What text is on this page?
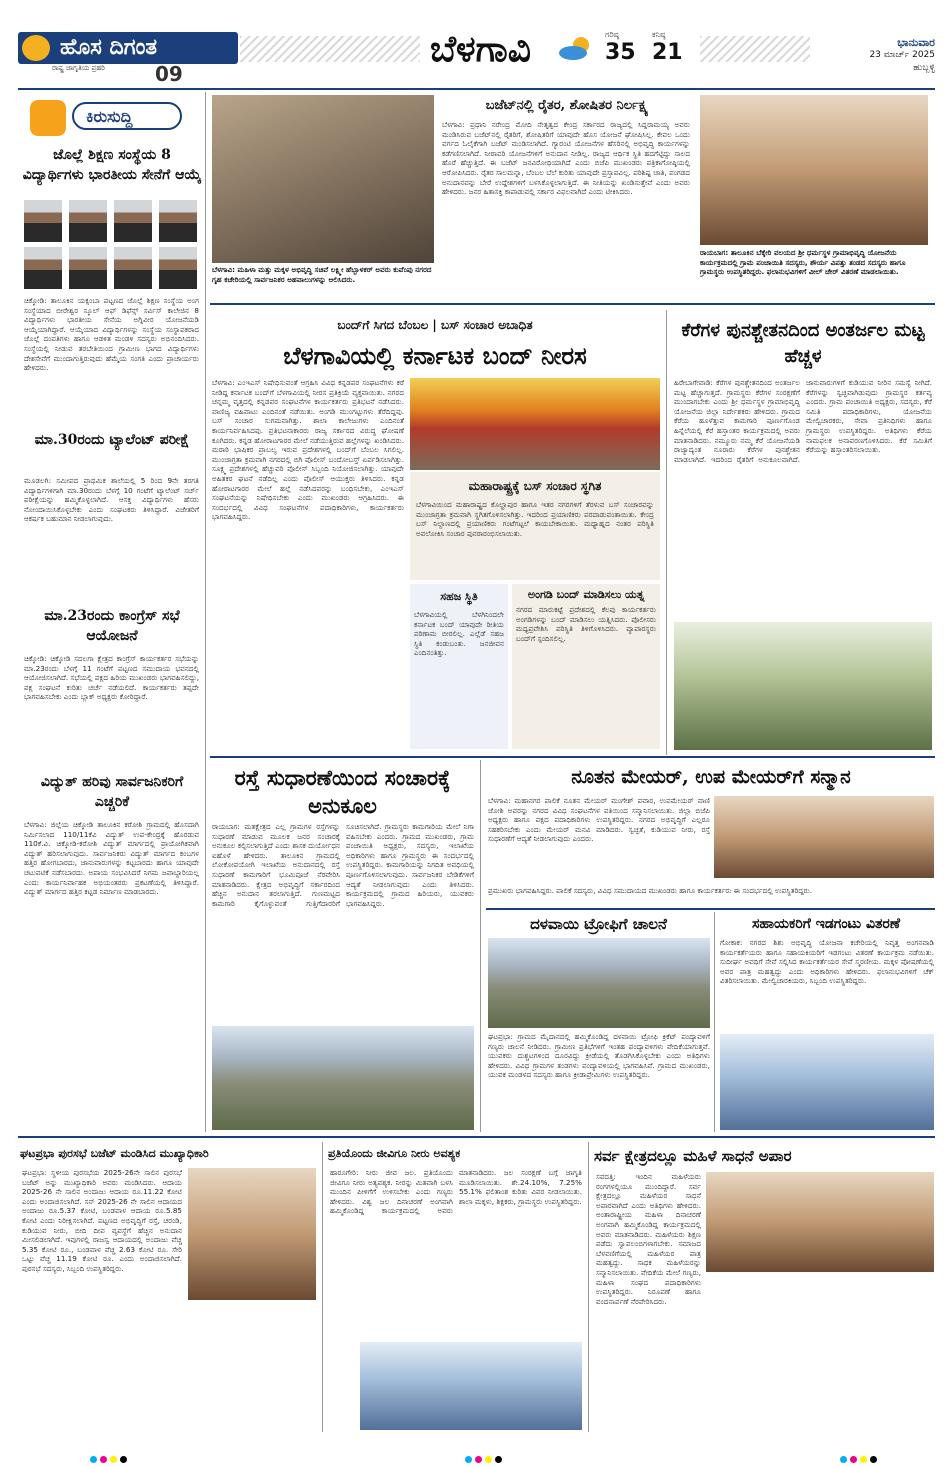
ಹೊಸ ದಿಗಂತ
ರಾಷ್ಟ್ರ ಜಾಗೃತಿಯ ಪ್ರಹರಿ	09
ಬೆಳಗಾವಿ	ಗರಿಷ್ಠ
35
ಕನಿಷ್ಠ
21	ಭಾನುವಾರ
23 ಮಾರ್ಚ್ 2025
ಹುಬ್ಬಳ್ಳಿ
ಕಿರುಸುದ್ದಿ
ಜೊಲ್ಲೆ ಶಿಕ್ಷಣ ಸಂಸ್ಥೆಯ 8 ವಿದ್ಯಾರ್ಥಿಗಳು ಭಾರತೀಯ ಸೇನೆಗೆ ಆಯ್ಕೆ
ಚಿಕ್ಕೋಡಿ: ತಾಲೂಕಿನ ಯಕ್ಸಂಬಾ ಪಟ್ಟಣದ ಜೊಲ್ಲೆ ಶಿಕ್ಷಣ ಸಂಸ್ಥೆಯ ಅಂಗ ಸಂಸ್ಥೆಯಾದ ಬೀರೇಶ್ವರ ಸ್ಕೂಲ್ ಆಫ್ ಡಿಫೆನ್ಸ್ ಸರ್ವಿಸ್ ಕಾಲೇಜಿನ 8 ವಿದ್ಯಾರ್ಥಿಗಳು ಭಾರತೀಯ ಸೇನೆಯ ಅಗ್ನಿವೀರ ಯೋಜನೆಯಡಿ ಆಯ್ಕೆಯಾಗಿದ್ದಾರೆ. ಆಯ್ಕೆಯಾದ ವಿದ್ಯಾರ್ಥಿಗಳನ್ನು ಸಂಸ್ಥೆಯ ಸಂಸ್ಥಾಪಕರಾದ ಜೊಲ್ಲೆ ದಂಪತಿಗಳು ಹಾಗೂ ಆಡಳಿತ ಮಂಡಳಿ ಸದಸ್ಯರು ಅಭಿನಂದಿಸಿದರು. ಸಂಸ್ಥೆಯಲ್ಲಿ ನೀಡುವ ತರಬೇತಿಯಿಂದ ಗ್ರಾಮೀಣ ಭಾಗದ ವಿದ್ಯಾರ್ಥಿಗಳು ದೇಶಸೇವೆಗೆ ಮುಂದಾಗುತ್ತಿರುವುದು ಹೆಮ್ಮೆಯ ಸಂಗತಿ ಎಂದು ಪ್ರಾಚಾರ್ಯರು ಹೇಳಿದರು.
ಮಾ.30ರಂದು ಟ್ಯಾಲೆಂಟ್ ಪರೀಕ್ಷೆ
ಮೂಡಲಗಿ: ಸಮೀಪದ ಪ್ರಾಥಮಿಕ ಶಾಲೆಯಲ್ಲಿ 5 ರಿಂದ 9ನೇ ತರಗತಿ ವಿದ್ಯಾರ್ಥಿಗಳಿಗಾಗಿ ಮಾ.30ರಂದು ಬೆಳಗ್ಗೆ 10 ಗಂಟೆಗೆ ಟ್ಯಾಲೆಂಟ್ ಸರ್ಚ್ ಪರೀಕ್ಷೆಯನ್ನು ಹಮ್ಮಿಕೊಳ್ಳಲಾಗಿದೆ. ಆಸಕ್ತ ವಿದ್ಯಾರ್ಥಿಗಳು ಹೆಸರು ನೋಂದಾಯಿಸಿಕೊಳ್ಳಬೇಕು ಎಂದು ಸಂಘಟಕರು ತಿಳಿಸಿದ್ದಾರೆ. ವಿಜೇತರಿಗೆ ಆಕರ್ಷಕ ಬಹುಮಾನ ನೀಡಲಾಗುವುದು.
ಮಾ.23ರಂದು ಕಾಂಗ್ರೆಸ್ ಸಭೆ ಆಯೋಜನೆ
ಚಿಕ್ಕೋಡಿ: ಚಿಕ್ಕೋಡಿ ಸದಲಗಾ ಕ್ಷೇತ್ರದ ಕಾಂಗ್ರೆಸ್ ಕಾರ್ಯಕರ್ತರ ಸಭೆಯನ್ನು ಮಾ.23ರಂದು ಬೆಳಗ್ಗೆ 11 ಗಂಟೆಗೆ ಪಟ್ಟಣದ ಸಮುದಾಯ ಭವನದಲ್ಲಿ ಆಯೋಜಿಸಲಾಗಿದೆ. ಸಭೆಯಲ್ಲಿ ಪಕ್ಷದ ಹಿರಿಯ ಮುಖಂಡರು ಭಾಗವಹಿಸಲಿದ್ದು, ಪಕ್ಷ ಸಂಘಟನೆ ಕುರಿತು ಚರ್ಚೆ ನಡೆಯಲಿದೆ. ಕಾರ್ಯಕರ್ತರು ತಪ್ಪದೇ ಭಾಗವಹಿಸಬೇಕು ಎಂದು ಬ್ಲಾಕ್ ಅಧ್ಯಕ್ಷರು ಕೋರಿದ್ದಾರೆ.
ವಿದ್ಯುತ್ ಹರಿವು ಸಾರ್ವಜನಿಕರಿಗೆ ಎಚ್ಚರಿಕೆ
ಬೆಳಗಾವಿ: ಜಿಲ್ಲೆಯ ಚಿಕ್ಕೋಡಿ ತಾಲೂಕಿನ ಕರೋಶಿ ಗ್ರಾಮದಲ್ಲಿ ಹೊಸದಾಗಿ ನಿರ್ಮಿಸಲಾದ 110/11ಕೆವಿ ವಿದ್ಯುತ್ ಉಪ-ಕೇಂದ್ರಕ್ಕೆ ಹೊರಡುವ 110ಕೆ.ವಿ. ಚಿಕ್ಕೋಡಿ-ಕರೋಶಿ ವಿದ್ಯುತ್ ಮಾರ್ಗದಲ್ಲಿ ಪ್ರಾಯೋಗಿಕವಾಗಿ ವಿದ್ಯುತ್ ಹರಿಸಲಾಗುವುದು. ಸಾರ್ವಜನಿಕರು ವಿದ್ಯುತ್ ಮಾರ್ಗದ ಕಂಬಗಳ ಹತ್ತಿರ ಹೋಗಬಾರದು, ಜಾನುವಾರುಗಳನ್ನು ಕಟ್ಟಬಾರದು ಹಾಗೂ ಯಾವುದೇ ಚಟುವಟಿಕೆ ನಡೆಸಬಾರದು. ಅಪಾಯ ಸಂಭವಿಸಿದರೆ ನಿಗಮ ಜವಾಬ್ದಾರಿಯಲ್ಲ ಎಂದು ಕಾರ್ಯನಿರ್ವಾಹಕ ಅಭಿಯಂತರರು ಪ್ರಕಟಣೆಯಲ್ಲಿ ತಿಳಿಸಿದ್ದಾರೆ. ವಿದ್ಯುತ್ ಮಾರ್ಗದ ಹತ್ತಿರ ಕಟ್ಟಡ ನಿರ್ಮಾಣ ಮಾಡಬಾರದು.
ಬೆಳಗಾವಿ: ಮಹಿಳಾ ಮತ್ತು ಮಕ್ಕಳ ಅಭಿವೃದ್ಧಿ ಸಚಿವೆ ಲಕ್ಷ್ಮೀ ಹೆಬ್ಬಾಳಕರ್ ಅವರು ಕುವೆಂಪು ನಗರದ ಗೃಹ ಕಚೇರಿಯಲ್ಲಿ ಸಾರ್ವಜನಿಕರ ಅಹವಾಲುಗಳನ್ನು ಆಲಿಸಿದರು.
ಬಜೆಟ್‌ನಲ್ಲಿ ರೈತರ, ಶೋಷಿತರ ನಿರ್ಲಕ್ಷ್ಯ
ಬೆಳಗಾವಿ: ಪ್ರಧಾನಿ ನರೇಂದ್ರ ಮೋದಿ ನೇತೃತ್ವದ ಕೇಂದ್ರ ಸರ್ಕಾರದ ರಾಜ್ಯದಲ್ಲಿ ಸಿದ್ದರಾಮಯ್ಯ ಅವರು ಮಂಡಿಸಿರುವ ಬಜೆಟ್‌ನಲ್ಲಿ ರೈತರಿಗೆ, ಶೋಷಿತರಿಗೆ ಯಾವುದೇ ಹೊಸ ಯೋಜನೆ ಘೋಷಿಸಿಲ್ಲ. ಕೇವಲ ಒಂದು ವರ್ಗದ ಓಲೈಕೆಗಾಗಿ ಬಜೆಟ್ ಮಂಡಿಸಲಾಗಿದೆ. ಗ್ಯಾರಂಟಿ ಯೋಜನೆಗಳ ಹೆಸರಿನಲ್ಲಿ ಅಭಿವೃದ್ಧಿ ಕಾರ್ಯಗಳನ್ನು ಕಡೆಗಣಿಸಲಾಗಿದೆ. ನೀರಾವರಿ ಯೋಜನೆಗಳಿಗೆ ಅನುದಾನ ನೀಡಿಲ್ಲ. ರಾಜ್ಯದ ಆರ್ಥಿಕ ಸ್ಥಿತಿ ಹದಗೆಟ್ಟಿದ್ದು ಸಾಲದ ಹೊರೆ ಹೆಚ್ಚುತ್ತಿದೆ. ಈ ಬಜೆಟ್ ಜನವಿರೋಧಿಯಾಗಿದೆ ಎಂದು ಬಿಜೆಪಿ ಮುಖಂಡರು ಪತ್ರಿಕಾಗೋಷ್ಠಿಯಲ್ಲಿ ಆರೋಪಿಸಿದರು. ರೈತರ ಸಾಲಮನ್ನಾ, ಬೆಂಬಲ ಬೆಲೆ ಕುರಿತು ಯಾವುದೇ ಪ್ರಸ್ತಾಪವಿಲ್ಲ. ಪರಿಶಿಷ್ಟ ಜಾತಿ, ಪಂಗಡದ ಅನುದಾನವನ್ನು ಬೇರೆ ಉದ್ದೇಶಗಳಿಗೆ ಬಳಸಿಕೊಳ್ಳಲಾಗುತ್ತಿದೆ. ಈ ನೀತಿಯನ್ನು ಖಂಡಿಸುತ್ತೇವೆ ಎಂದು ಅವರು ಹೇಳಿದರು. ಜನರ ಹಿತಾಸಕ್ತಿ ಕಾಪಾಡುವಲ್ಲಿ ಸರ್ಕಾರ ವಿಫಲವಾಗಿದೆ ಎಂದು ಟೀಕಿಸಿದರು.
ರಾಯಬಾಗ: ತಾಲೂಕಿನ ಬೆಕ್ಕೇರಿ ವಲಯದ ಶ್ರೀ ಧರ್ಮಸ್ಥಳ ಗ್ರಾಮಾಭಿವೃದ್ಧಿ ಯೋಜನೆಯ ಕಾರ್ಯಕ್ರಮದಲ್ಲಿ ಗ್ರಾಮ ಪಂಚಾಯಿತಿ ಸದಸ್ಯರು, ಶೌರ್ಯ ವಿಪತ್ತು ತಂಡದ ಸದಸ್ಯರು ಹಾಗೂ ಗ್ರಾಮಸ್ಥರು ಉಪಸ್ಥಿತರಿದ್ದರು. ಫಲಾನುಭವಿಗಳಿಗೆ ವೀಲ್ ಚೇರ್ ವಿತರಣೆ ಮಾಡಲಾಯಿತು.
ಬಂದ್‌ಗೆ ಸಿಗದ ಬೆಂಬಲ | ಬಸ್ ಸಂಚಾರ ಅಬಾಧಿತ
ಬೆಳಗಾವಿಯಲ್ಲಿ ಕರ್ನಾಟಕ ಬಂದ್ ನೀರಸ
ಬೆಳಗಾವಿ: ಎಂಇಎಸ್ ನಿಷೇಧಿಸುವಂತೆ ಆಗ್ರಹಿಸಿ ವಿವಿಧ ಕನ್ನಡಪರ ಸಂಘಟನೆಗಳು ಕರೆ ನೀಡಿದ್ದ ಕರ್ನಾಟಕ ಬಂದ್‌ಗೆ ಬೆಳಗಾವಿಯಲ್ಲಿ ನೀರಸ ಪ್ರತಿಕ್ರಿಯೆ ವ್ಯಕ್ತವಾಯಿತು. ನಗರದ ಚನ್ನಮ್ಮ ವೃತ್ತದಲ್ಲಿ ಕನ್ನಡಪರ ಸಂಘಟನೆಗಳ ಕಾರ್ಯಕರ್ತರು ಪ್ರತಿಭಟನೆ ನಡೆಸಿದರು. ವಾಣಿಜ್ಯ ವಹಿವಾಟು ಎಂದಿನಂತೆ ನಡೆಯಿತು. ಅಂಗಡಿ ಮುಂಗಟ್ಟುಗಳು ತೆರೆದಿದ್ದವು. ಬಸ್ ಸಂಚಾರ ಸುಗಮವಾಗಿತ್ತು. ಶಾಲಾ ಕಾಲೇಜುಗಳು ಎಂದಿನಂತೆ ಕಾರ್ಯನಿರ್ವಹಿಸಿದವು. ಪ್ರತಿಭಟನಾಕಾರರು ರಾಜ್ಯ ಸರ್ಕಾರದ ವಿರುದ್ಧ ಘೋಷಣೆ ಕೂಗಿದರು. ಕನ್ನಡ ಹೋರಾಟಗಾರರ ಮೇಲೆ ನಡೆಯುತ್ತಿರುವ ಹಲ್ಲೆಗಳನ್ನು ಖಂಡಿಸಿದರು. ಮರಾಠಿ ಭಾಷಿಕರ ಪ್ರಾಬಲ್ಯ ಇರುವ ಪ್ರದೇಶಗಳಲ್ಲಿ ಬಂದ್‌ಗೆ ಬೆಂಬಲ ಸಿಗಲಿಲ್ಲ. ಮುಂಜಾಗ್ರತಾ ಕ್ರಮವಾಗಿ ನಗರದಲ್ಲಿ ಬಿಗಿ ಪೊಲೀಸ್ ಬಂದೋಬಸ್ತ್ ಏರ್ಪಡಿಸಲಾಗಿತ್ತು. ಸೂಕ್ಷ್ಮ ಪ್ರದೇಶಗಳಲ್ಲಿ ಹೆಚ್ಚುವರಿ ಪೊಲೀಸ್ ಸಿಬ್ಬಂದಿ ನಿಯೋಜಿಸಲಾಗಿತ್ತು. ಯಾವುದೇ ಅಹಿತಕರ ಘಟನೆ ನಡೆದಿಲ್ಲ ಎಂದು ಪೊಲೀಸ್ ಆಯುಕ್ತರು ತಿಳಿಸಿದರು. ಕನ್ನಡ ಹೋರಾಟಗಾರರ ಮೇಲೆ ಹಲ್ಲೆ ನಡೆಸಿದವರನ್ನು ಬಂಧಿಸಬೇಕು, ಎಂಇಎಸ್ ಸಂಘಟನೆಯನ್ನು ನಿಷೇಧಿಸಬೇಕು ಎಂದು ಮುಖಂಡರು ಆಗ್ರಹಿಸಿದರು. ಈ ಸಂದರ್ಭದಲ್ಲಿ ವಿವಿಧ ಸಂಘಟನೆಗಳ ಪದಾಧಿಕಾರಿಗಳು, ಕಾರ್ಯಕರ್ತರು ಭಾಗವಹಿಸಿದ್ದರು.
ಮಹಾರಾಷ್ಟ್ರಕ್ಕೆ ಬಸ್ ಸಂಚಾರ ಸ್ಥಗಿತ
ಬೆಳಗಾವಿಯಿಂದ ಮಹಾರಾಷ್ಟ್ರದ ಕೊಲ್ಹಾಪುರ ಹಾಗೂ ಇತರ ನಗರಗಳಿಗೆ ತೆರಳುವ ಬಸ್ ಸಂಚಾರವನ್ನು ಮುಂಜಾಗ್ರತಾ ಕ್ರಮವಾಗಿ ಸ್ಥಗಿತಗೊಳಿಸಲಾಗಿತ್ತು. ಇದರಿಂದ ಪ್ರಯಾಣಿಕರು ಪರದಾಡುವಂತಾಯಿತು. ಕೇಂದ್ರ ಬಸ್ ನಿಲ್ದಾಣದಲ್ಲಿ ಪ್ರಯಾಣಿಕರು ಗಂಟೆಗಟ್ಟಲೆ ಕಾಯಬೇಕಾಯಿತು. ಮಧ್ಯಾಹ್ನದ ನಂತರ ಪರಿಸ್ಥಿತಿ ಅವಲೋಕಿಸಿ ಸಂಚಾರ ಪುನರಾರಂಭಿಸಲಾಯಿತು.
ಸಹಜ ಸ್ಥಿತಿ
ಬೆಳಗಾವಿಯಲ್ಲಿ ಬೆಳಗಿನಿಂದಲೇ ಕರ್ನಾಟಕ ಬಂದ್ ಯಾವುದೇ ರೀತಿಯ ಪರಿಣಾಮ ಬೀರಲಿಲ್ಲ. ಎಲ್ಲೆಡೆ ಸಹಜ ಸ್ಥಿತಿ ಕಂಡುಬಂತು. ಜನಜೀವನ ಎಂದಿನಂತಿತ್ತು.
ಅಂಗಡಿ ಬಂದ್ ಮಾಡಿಸಲು ಯತ್ನ
ನಗರದ ಮಾರುಕಟ್ಟೆ ಪ್ರದೇಶದಲ್ಲಿ ಕೆಲವು ಕಾರ್ಯಕರ್ತರು ಅಂಗಡಿಗಳನ್ನು ಬಂದ್ ಮಾಡಿಸಲು ಯತ್ನಿಸಿದರು. ಪೊಲೀಸರು ಮಧ್ಯಪ್ರವೇಶಿಸಿ ಪರಿಸ್ಥಿತಿ ತಿಳಿಗೊಳಿಸಿದರು. ವ್ಯಾಪಾರಸ್ಥರು ಬಂದ್‌ಗೆ ಸ್ಪಂದಿಸಲಿಲ್ಲ.
ಕೆರೆಗಳ ಪುನಶ್ಚೇತನದಿಂದ ಅಂತರ್ಜಲ ಮಟ್ಟ ಹೆಚ್ಚಳ
ಹಿರೇಬಾಗೇವಾಡಿ: ಕೆರೆಗಳ ಪುನಶ್ಚೇತನದಿಂದ ಅಂತರ್ಜಲ ಮಟ್ಟ ಹೆಚ್ಚಾಗುತ್ತದೆ. ಗ್ರಾಮಸ್ಥರು ಕೆರೆಗಳ ಸಂರಕ್ಷಣೆಗೆ ಮುಂದಾಗಬೇಕು ಎಂದು ಶ್ರೀ ಧರ್ಮಸ್ಥಳ ಗ್ರಾಮಾಭಿವೃದ್ಧಿ ಯೋಜನೆಯ ಜಿಲ್ಲಾ ನಿರ್ದೇಶಕರು ಹೇಳಿದರು. ಗ್ರಾಮದ ಕೆರೆಯ ಹೂಳೆತ್ತುವ ಕಾಮಗಾರಿ ಪೂರ್ಣಗೊಂಡ ಹಿನ್ನೆಲೆಯಲ್ಲಿ ಕೆರೆ ಹಸ್ತಾಂತರ ಕಾರ್ಯಕ್ರಮದಲ್ಲಿ ಅವರು ಮಾತನಾಡಿದರು. ನಮ್ಮೂರು ನಮ್ಮ ಕೆರೆ ಯೋಜನೆಯಡಿ ರಾಜ್ಯಾದ್ಯಂತ ನೂರಾರು ಕೆರೆಗಳ ಪುನಶ್ಚೇತನ ಮಾಡಲಾಗಿದೆ. ಇದರಿಂದ ರೈತರಿಗೆ ಅನುಕೂಲವಾಗಿದೆ. ಜಾನುವಾರುಗಳಿಗೆ ಕುಡಿಯುವ ನೀರಿನ ಸಮಸ್ಯೆ ನೀಗಿದೆ. ಕೆರೆಗಳನ್ನು ಸ್ವಚ್ಛವಾಗಿಡುವುದು ಗ್ರಾಮಸ್ಥರ ಕರ್ತವ್ಯ ಎಂದರು. ಗ್ರಾಮ ಪಂಚಾಯಿತಿ ಅಧ್ಯಕ್ಷರು, ಸದಸ್ಯರು, ಕೆರೆ ಸಮಿತಿ ಪದಾಧಿಕಾರಿಗಳು, ಯೋಜನೆಯ ಮೇಲ್ವಿಚಾರಕರು, ಸೇವಾ ಪ್ರತಿನಿಧಿಗಳು ಹಾಗೂ ಗ್ರಾಮಸ್ಥರು ಉಪಸ್ಥಿತರಿದ್ದರು. ಅತಿಥಿಗಳು ಕೆರೆಯ ನಾಮಫಲಕ ಅನಾವರಣಗೊಳಿಸಿದರು. ಕೆರೆ ಸಮಿತಿಗೆ ಕೆರೆಯನ್ನು ಹಸ್ತಾಂತರಿಸಲಾಯಿತು.
ರಸ್ತೆ ಸುಧಾರಣೆಯಿಂದ ಸಂಚಾರಕ್ಕೆ ಅನುಕೂಲ
ರಾಯಬಾಗ: ಮತಕ್ಷೇತ್ರದ ಎಲ್ಲ ಗ್ರಾಮಗಳ ರಸ್ತೆಗಳನ್ನು ಸುಧಾರಣೆ ಮಾಡುವ ಮೂಲಕ ಜನರ ಸಂಚಾರಕ್ಕೆ ಅನುಕೂಲ ಕಲ್ಪಿಸಲಾಗುತ್ತಿದೆ ಎಂದು ಶಾಸಕ ದುರ್ಯೋಧನ ಐಹೊಳೆ ಹೇಳಿದರು. ತಾಲೂಕಿನ ಗ್ರಾಮದಲ್ಲಿ ಲೋಕೋಪಯೋಗಿ ಇಲಾಖೆಯ ಅನುದಾನದಲ್ಲಿ ರಸ್ತೆ ಸುಧಾರಣೆ ಕಾಮಗಾರಿಗೆ ಭೂಮಿಪೂಜೆ ನೆರವೇರಿಸಿ ಮಾತನಾಡಿದರು. ಕ್ಷೇತ್ರದ ಅಭಿವೃದ್ಧಿಗೆ ಸರ್ಕಾರದಿಂದ ಹೆಚ್ಚಿನ ಅನುದಾನ ತರಲಾಗುತ್ತಿದೆ. ಗುಣಮಟ್ಟದ ಕಾಮಗಾರಿ ಕೈಗೊಳ್ಳುವಂತೆ ಗುತ್ತಿಗೆದಾರರಿಗೆ ಸೂಚಿಸಲಾಗಿದೆ. ಗ್ರಾಮಸ್ಥರು ಕಾಮಗಾರಿಯ ಮೇಲೆ ನಿಗಾ ವಹಿಸಬೇಕು ಎಂದರು. ಗ್ರಾಮದ ಮುಖಂಡರು, ಗ್ರಾಮ ಪಂಚಾಯಿತಿ ಅಧ್ಯಕ್ಷರು, ಸದಸ್ಯರು, ಇಲಾಖೆಯ ಅಧಿಕಾರಿಗಳು ಹಾಗೂ ಗ್ರಾಮಸ್ಥರು ಈ ಸಂದರ್ಭದಲ್ಲಿ ಉಪಸ್ಥಿತರಿದ್ದರು. ಕಾಮಗಾರಿಯನ್ನು ನಿಗದಿತ ಅವಧಿಯಲ್ಲಿ ಪೂರ್ಣಗೊಳಿಸಲಾಗುವುದು. ಸಾರ್ವಜನಿಕರ ಬೇಡಿಕೆಗಳಿಗೆ ಆದ್ಯತೆ ನೀಡಲಾಗುವುದು ಎಂದು ತಿಳಿಸಿದರು. ಕಾರ್ಯಕ್ರಮದಲ್ಲಿ ಗ್ರಾಮದ ಹಿರಿಯರು, ಯುವಕರು ಭಾಗವಹಿಸಿದ್ದರು.
ನೂತನ ಮೇಯರ್, ಉಪ ಮೇಯರ್‌ಗೆ ಸನ್ಮಾನ
ಬೆಳಗಾವಿ: ಮಹಾನಗರ ಪಾಲಿಕೆ ನೂತನ ಮೇಯರ್ ಮಂಗೇಶ್ ಪವಾರ, ಉಪಮೇಯರ್ ವಾಣಿ ಜೋಶಿ ಅವರನ್ನು ನಗರದ ವಿವಿಧ ಸಂಘಟನೆಗಳ ವತಿಯಿಂದ ಸನ್ಮಾನಿಸಲಾಯಿತು. ಜಿಲ್ಲಾ ಬಿಜೆಪಿ ಅಧ್ಯಕ್ಷರು ಹಾಗೂ ಪಕ್ಷದ ಪದಾಧಿಕಾರಿಗಳು ಉಪಸ್ಥಿತರಿದ್ದರು. ನಗರದ ಅಭಿವೃದ್ಧಿಗೆ ಎಲ್ಲರೂ ಸಹಕರಿಸಬೇಕು ಎಂದು ಮೇಯರ್ ಮನವಿ ಮಾಡಿದರು. ಸ್ವಚ್ಛತೆ, ಕುಡಿಯುವ ನೀರು, ರಸ್ತೆ ಸುಧಾರಣೆಗೆ ಆದ್ಯತೆ ನೀಡಲಾಗುವುದು ಎಂದರು.
ಪ್ರಮುಖರು ಭಾಗವಹಿಸಿದ್ದರು. ಪಾಲಿಕೆ ಸದಸ್ಯರು, ವಿವಿಧ ಸಮುದಾಯದ ಮುಖಂಡರು ಹಾಗೂ ಕಾರ್ಯಕರ್ತರು ಈ ಸಂದರ್ಭದಲ್ಲಿ ಉಪಸ್ಥಿತರಿದ್ದರು.
ದಳವಾಯಿ ಟ್ರೋಫಿಗೆ ಚಾಲನೆ
ಘಟಪ್ರಭಾ: ಗ್ರಾಮದ ಮೈದಾನದಲ್ಲಿ ಹಮ್ಮಿಕೊಂಡಿದ್ದ ದಳವಾಯಿ ಟ್ರೋಫಿ ಕ್ರಿಕೆಟ್ ಪಂದ್ಯಾವಳಿಗೆ ಗಣ್ಯರು ಚಾಲನೆ ನೀಡಿದರು. ಗ್ರಾಮೀಣ ಪ್ರತಿಭೆಗಳಿಗೆ ಇಂತಹ ಪಂದ್ಯಾವಳಿಗಳು ವೇದಿಕೆಯಾಗುತ್ತವೆ. ಯುವಕರು ದುಶ್ಚಟಗಳಿಂದ ದೂರವಿದ್ದು ಕ್ರೀಡೆಯಲ್ಲಿ ತೊಡಗಿಸಿಕೊಳ್ಳಬೇಕು ಎಂದು ಅತಿಥಿಗಳು ಹೇಳಿದರು. ವಿವಿಧ ಗ್ರಾಮಗಳ ತಂಡಗಳು ಪಂದ್ಯಾವಳಿಯಲ್ಲಿ ಭಾಗವಹಿಸಿವೆ. ಗ್ರಾಮದ ಮುಖಂಡರು, ಯುವಕ ಮಂಡಳದ ಸದಸ್ಯರು ಹಾಗೂ ಕ್ರೀಡಾಪ್ರೇಮಿಗಳು ಉಪಸ್ಥಿತರಿದ್ದರು.
ಸಹಾಯಕರಿಗೆ ಇಡಗಂಟು ವಿತರಣೆ
ಗೋಕಾಕ: ನಗರದ ಶಿಶು ಅಭಿವೃದ್ಧಿ ಯೋಜನಾ ಕಚೇರಿಯಲ್ಲಿ ನಿವೃತ್ತ ಅಂಗನವಾಡಿ ಕಾರ್ಯಕರ್ತೆಯರು ಹಾಗೂ ಸಹಾಯಕಿಯರಿಗೆ ಇಡಗಂಟು ವಿತರಣೆ ಕಾರ್ಯಕ್ರಮ ನಡೆಯಿತು. ಸುದೀರ್ಘ ಅವಧಿಗೆ ಸೇವೆ ಸಲ್ಲಿಸಿದ ಕಾರ್ಯಕರ್ತೆಯರ ಸೇವೆ ಸ್ಮರಣೀಯ. ಮಕ್ಕಳ ಪೋಷಣೆಯಲ್ಲಿ ಅವರ ಪಾತ್ರ ಮಹತ್ವದ್ದು ಎಂದು ಅಧಿಕಾರಿಗಳು ಹೇಳಿದರು. ಫಲಾನುಭವಿಗಳಿಗೆ ಚೆಕ್ ವಿತರಿಸಲಾಯಿತು. ಮೇಲ್ವಿಚಾರಕಿಯರು, ಸಿಬ್ಬಂದಿ ಉಪಸ್ಥಿತರಿದ್ದರು.
ಘಟಪ್ರಭಾ ಪುರಸಭೆ ಬಜೆಟ್ ಮಂಡಿಸಿದ ಮುಖ್ಯಾಧಿಕಾರಿ
ಘಟಪ್ರಭಾ: ಸ್ಥಳೀಯ ಪುರಸಭೆಯ 2025-26ನೇ ಸಾಲಿನ ಪುರಸಭೆ ಬಜೆಟ್ ಅನ್ನು ಮುಖ್ಯಾಧಿಕಾರಿ ಅವರು ಮಂಡಿಸಿದರು. ಆದಾಯ 2025-26 ನೇ ಸಾಲಿನ ಅಂದಾಜು ಆದಾಯ ರೂ.11.22 ಕೋಟಿ ಎಂದು ಅಂದಾಜಿಸಲಾಗಿದೆ. ಸನ್ 2025-26 ನೇ ಸಾಲಿನ ಆದಾಯದ ಅಂದಾಜು ರೂ.5.37 ಕೋಟಿ, ಬಂಡವಾಳ ಆದಾಯ ರೂ.5.85 ಕೋಟಿ ಎಂದು ನಿರೀಕ್ಷಿಸಲಾಗಿದೆ. ಪಟ್ಟಣದ ಅಭಿವೃದ್ಧಿಗೆ ರಸ್ತೆ, ಚರಂಡಿ, ಕುಡಿಯುವ ನೀರು, ಬೀದಿ ದೀಪ ವ್ಯವಸ್ಥೆಗೆ ಹೆಚ್ಚಿನ ಅನುದಾನ ಮೀಸಲಿಡಲಾಗಿದೆ. ಇವುಗಳಲ್ಲಿ ರಾಜಸ್ವ ಆದಾಯದಲ್ಲಿ ಅಂದಾಜು ವೆಚ್ಚ 5.35 ಕೋಟಿ ರೂ., ಬಂಡವಾಳ ವೆಚ್ಚ 2.63 ಕೋಟಿ ರೂ. ಸೇರಿ ಒಟ್ಟು ವೆಚ್ಚ 11.19 ಕೋಟಿ ರೂ. ಎಂದು ಅಂದಾಜಿಸಲಾಗಿದೆ. ಪುರಸಭೆ ಸದಸ್ಯರು, ಸಿಬ್ಬಂದಿ ಉಪಸ್ಥಿತರಿದ್ದರು.
ಪ್ರತಿಯೊಂದು ಜೀವಿಗೂ ನೀರು ಅವಶ್ಯಕ
ಹಾರೂಗೇರಿ: ನೀರು ಜೀವ ಜಲ. ಪ್ರತಿಯೊಂದು ಜೀವಿಗೂ ನೀರು ಅತ್ಯವಶ್ಯಕ. ನೀರನ್ನು ಮಿತವಾಗಿ ಬಳಸಿ ಮುಂದಿನ ಪೀಳಿಗೆಗೆ ಉಳಿಸಬೇಕು ಎಂದು ಗಣ್ಯರು ಹೇಳಿದರು. ವಿಶ್ವ ಜಲ ದಿನಾಚರಣೆ ಅಂಗವಾಗಿ ಹಮ್ಮಿಕೊಂಡಿದ್ದ ಕಾರ್ಯಕ್ರಮದಲ್ಲಿ ಅವರು ಮಾತನಾಡಿದರು. ಜಲ ಸಂರಕ್ಷಣೆ ಬಗ್ಗೆ ಜಾಗೃತಿ ಮೂಡಿಸಲಾಯಿತು. ಶೇ.24.10%, 7.25% 55.1% ಫಲಿತಾಂಶ ಕುರಿತು ವಿವರ ನೀಡಲಾಯಿತು. ಶಾಲಾ ಮಕ್ಕಳು, ಶಿಕ್ಷಕರು, ಗ್ರಾಮಸ್ಥರು ಉಪಸ್ಥಿತರಿದ್ದರು.
ಸರ್ವ ಕ್ಷೇತ್ರದಲ್ಲೂ ಮಹಿಳೆ ಸಾಧನೆ ಅಪಾರ
ಸವದತ್ತಿ: ಇಂದಿನ ಮಹಿಳೆಯರು ರಂಗಗಳಲ್ಲಿಯೂ ಮುಂದಿದ್ದಾರೆ. ಸರ್ವ ಕ್ಷೇತ್ರದಲ್ಲೂ ಮಹಿಳೆಯರ ಸಾಧನೆ ಅಪಾರವಾಗಿದೆ ಎಂದು ಅತಿಥಿಗಳು ಹೇಳಿದರು. ಅಂತಾರಾಷ್ಟ್ರೀಯ ಮಹಿಳಾ ದಿನಾಚರಣೆ ಅಂಗವಾಗಿ ಹಮ್ಮಿಕೊಂಡಿದ್ದ ಕಾರ್ಯಕ್ರಮದಲ್ಲಿ ಅವರು ಮಾತನಾಡಿದರು. ಮಹಿಳೆಯರು ಶಿಕ್ಷಣ ಪಡೆದು ಸ್ವಾವಲಂಬಿಗಳಾಗಬೇಕು. ಸಮಾಜದ ಬೆಳವಣಿಗೆಯಲ್ಲಿ ಮಹಿಳೆಯರ ಪಾತ್ರ ಮಹತ್ವದ್ದು. ಸಾಧಕ ಮಹಿಳೆಯರನ್ನು ಸನ್ಮಾನಿಸಲಾಯಿತು. ವೇದಿಕೆಯ ಮೇಲೆ ಗಣ್ಯರು, ಮಹಿಳಾ ಸಂಘದ ಪದಾಧಿಕಾರಿಗಳು ಉಪಸ್ಥಿತರಿದ್ದರು. ನಿರೂಪಣೆ ಹಾಗೂ ವಂದನಾರ್ಪಣೆ ನೆರವೇರಿಸಿದರು.
